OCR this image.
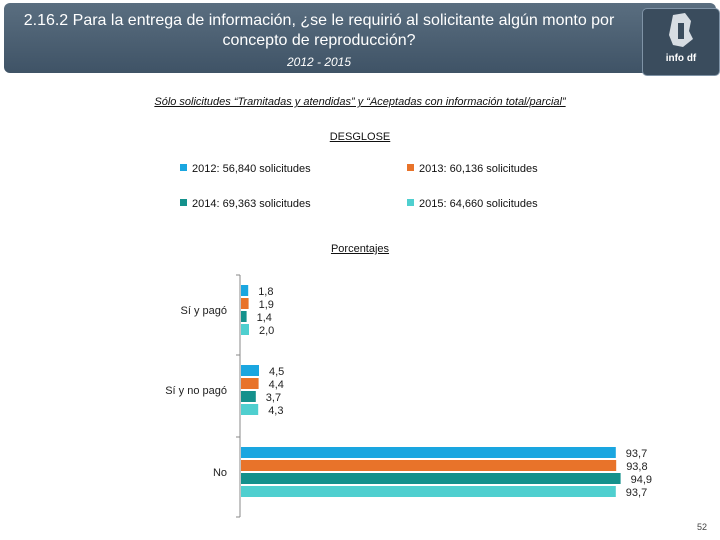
2.16.2 Para la entrega de información, ¿se le requirió al solicitante algún monto por concepto de reproducción?
2012 - 2015	info df
Sólo solicitudes “Tramitadas y atendidas” y “Aceptadas con información total/parcial”
DESGLOSE
2012: 56,840 solicitudes	2013: 60,136 solicitudes
2014: 69,363 solicitudes	2015: 64,660 solicitudes
Porcentajes
Sí y pagó
1,8
1,9
1,4
2,0
Sí y no pagó
4,5
4,4
3,7
4,3
No
93,7
93,8
94,9
93,7
52
